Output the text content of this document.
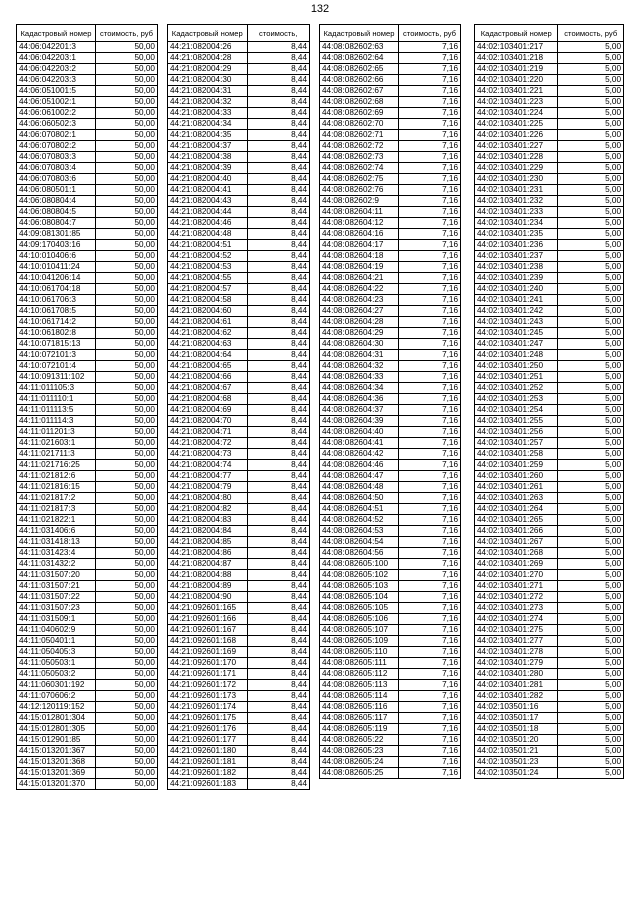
132
Кадастровый номер	стоимость, руб
44:06:042201:3	50,00
44:06:042203:1	50,00
44:06:042203:2	50,00
44:06:042203:3	50,00
44:06:051001:5	50,00
44:06:051002:1	50,00
44:06:061002:2	50,00
44:06:060502:3	50,00
44:06:070802:1	50,00
44:06:070802:2	50,00
44:06:070803:3	50,00
44:06:070803:4	50,00
44:06:070803:6	50,00
44:06:080501:1	50,00
44:06:080804:4	50,00
44:06:080804:5	50,00
44:06:080804:7	50,00
44:09:081301:85	50,00
44:09:170403:16	50,00
44:10:010406:6	50,00
44:10:010411:24	50,00
44:10:041206:14	50,00
44:10:061704:18	50,00
44:10:061706:3	50,00
44:10:061708:5	50,00
44:10:061714:2	50,00
44:10:061802:8	50,00
44:10:071815:13	50,00
44:10:072101:3	50,00
44:10:072101:4	50,00
44:10:091311:102	50,00
44:11:011105:3	50,00
44:11:011110:1	50,00
44:11:011113:5	50,00
44:11:011114:3	50,00
44:11:011201:3	50,00
44:11:021603:1	50,00
44:11:021711:3	50,00
44:11:021716:25	50,00
44:11:021812:6	50,00
44:11:021816:15	50,00
44:11:021817:2	50,00
44:11:021817:3	50,00
44:11:021822:1	50,00
44:11:031406:6	50,00
44:11:031418:13	50,00
44:11:031423:4	50,00
44:11:031432:2	50,00
44:11:031507:20	50,00
44:11:031507:21	50,00
44:11:031507:22	50,00
44:11:031507:23	50,00
44:11:031509:1	50,00
44:11:040602:9	50,00
44:11:050401:1	50,00
44:11:050405:3	50,00
44:11:050503:1	50,00
44:11:050503:2	50,00
44:11:060301:192	50,00
44:11:070606:2	50,00
44:12:120119:152	50,00
44:15:012801:304	50,00
44:15:012801:305	50,00
44:15:012901:85	50,00
44:15:013201:367	50,00
44:15:013201:368	50,00
44:15:013201:369	50,00
44:15:013201:370	50,00
Кадастровый номер	стоимость,
44:21:082004:26	8,44
44:21:082004:28	8,44
44:21:082004:29	8,44
44:21:082004:30	8,44
44:21:082004:31	8,44
44:21:082004:32	8,44
44:21:082004:33	8,44
44:21:082004:34	8,44
44:21:082004:35	8,44
44:21:082004:37	8,44
44:21:082004:38	8,44
44:21:082004:39	8,44
44:21:082004:40	8,44
44:21:082004:41	8,44
44:21:082004:43	8,44
44:21:082004:44	8,44
44:21:082004:46	8,44
44:21:082004:48	8,44
44:21:082004:51	8,44
44:21:082004:52	8,44
44:21:082004:53	8,44
44:21:082004:55	8,44
44:21:082004:57	8,44
44:21:082004:58	8,44
44:21:082004:60	8,44
44:21:082004:61	8,44
44:21:082004:62	8,44
44:21:082004:63	8,44
44:21:082004:64	8,44
44:21:082004:65	8,44
44:21:082004:66	8,44
44:21:082004:67	8,44
44:21:082004:68	8,44
44:21:082004:69	8,44
44:21:082004:70	8,44
44:21:082004:71	8,44
44:21:082004:72	8,44
44:21:082004:73	8,44
44:21:082004:74	8,44
44:21:082004:77	8,44
44:21:082004:79	8,44
44:21:082004:80	8,44
44:21:082004:82	8,44
44:21:082004:83	8,44
44:21:082004:84	8,44
44:21:082004:85	8,44
44:21:082004:86	8,44
44:21:082004:87	8,44
44:21:082004:88	8,44
44:21:082004:89	8,44
44:21:082004:90	8,44
44:21:092601:165	8,44
44:21:092601:166	8,44
44:21:092601:167	8,44
44:21:092601:168	8,44
44:21:092601:169	8,44
44:21:092601:170	8,44
44:21:092601:171	8,44
44:21:092601:172	8,44
44:21:092601:173	8,44
44:21:092601:174	8,44
44:21:092601:175	8,44
44:21:092601:176	8,44
44:21:092601:177	8,44
44:21:092601:180	8,44
44:21:092601:181	8,44
44:21:092601:182	8,44
44:21:092601:183	8,44
Кадастровый номер	стоимость, руб
44:08:082602:63	7,16
44:08:082602:64	7,16
44:08:082602:65	7,16
44:08:082602:66	7,16
44:08:082602:67	7,16
44:08:082602:68	7,16
44:08:082602:69	7,16
44:08:082602:70	7,16
44:08:082602:71	7,16
44:08:082602:72	7,16
44:08:082602:73	7,16
44:08:082602:74	7,16
44:08:082602:75	7,16
44:08:082602:76	7,16
44:08:082602:9	7,16
44:08:082604:11	7,16
44:08:082604:12	7,16
44:08:082604:16	7,16
44:08:082604:17	7,16
44:08:082604:18	7,16
44:08:082604:19	7,16
44:08:082604:21	7,16
44:08:082604:22	7,16
44:08:082604:23	7,16
44:08:082604:27	7,16
44:08:082604:28	7,16
44:08:082604:29	7,16
44:08:082604:30	7,16
44:08:082604:31	7,16
44:08:082604:32	7,16
44:08:082604:33	7,16
44:08:082604:34	7,16
44:08:082604:36	7,16
44:08:082604:37	7,16
44:08:082604:39	7,16
44:08:082604:40	7,16
44:08:082604:41	7,16
44:08:082604:42	7,16
44:08:082604:46	7,16
44:08:082604:47	7,16
44:08:082604:48	7,16
44:08:082604:50	7,16
44:08:082604:51	7,16
44:08:082604:52	7,16
44:08:082604:53	7,16
44:08:082604:54	7,16
44:08:082604:56	7,16
44:08:082605:100	7,16
44:08:082605:102	7,16
44:08:082605:103	7,16
44:08:082605:104	7,16
44:08:082605:105	7,16
44:08:082605:106	7,16
44:08:082605:107	7,16
44:08:082605:109	7,16
44:08:082605:110	7,16
44:08:082605:111	7,16
44:08:082605:112	7,16
44:08:082605:113	7,16
44:08:082605:114	7,16
44:08:082605:116	7,16
44:08:082605:117	7,16
44:08:082605:119	7,16
44:08:082605:22	7,16
44:08:082605:23	7,16
44:08:082605:24	7,16
44:08:082605:25	7,16
Кадастровый номер	стоимость, руб
44:02:103401:217	5,00
44:02:103401:218	5,00
44:02:103401:219	5,00
44:02:103401:220	5,00
44:02:103401:221	5,00
44:02:103401:223	5,00
44:02:103401:224	5,00
44:02:103401:225	5,00
44:02:103401:226	5,00
44:02:103401:227	5,00
44:02:103401:228	5,00
44:02:103401:229	5,00
44:02:103401:230	5,00
44:02:103401:231	5,00
44:02:103401:232	5,00
44:02:103401:233	5,00
44:02:103401:234	5,00
44:02:103401:235	5,00
44:02:103401:236	5,00
44:02:103401:237	5,00
44:02:103401:238	5,00
44:02:103401:239	5,00
44:02:103401:240	5,00
44:02:103401:241	5,00
44:02:103401:242	5,00
44:02:103401:243	5,00
44:02:103401:245	5,00
44:02:103401:247	5,00
44:02:103401:248	5,00
44:02:103401:250	5,00
44:02:103401:251	5,00
44:02:103401:252	5,00
44:02:103401:253	5,00
44:02:103401:254	5,00
44:02:103401:255	5,00
44:02:103401:256	5,00
44:02:103401:257	5,00
44:02:103401:258	5,00
44:02:103401:259	5,00
44:02:103401:260	5,00
44:02:103401:261	5,00
44:02:103401:263	5,00
44:02:103401:264	5,00
44:02:103401:265	5,00
44:02:103401:266	5,00
44:02:103401:267	5,00
44:02:103401:268	5,00
44:02:103401:269	5,00
44:02:103401:270	5,00
44:02:103401:271	5,00
44:02:103401:272	5,00
44:02:103401:273	5,00
44:02:103401:274	5,00
44:02:103401:275	5,00
44:02:103401:277	5,00
44:02:103401:278	5,00
44:02:103401:279	5,00
44:02:103401:280	5,00
44:02:103401:281	5,00
44:02:103401:282	5,00
44:02:103501:16	5,00
44:02:103501:17	5,00
44:02:103501:18	5,00
44:02:103501:20	5,00
44:02:103501:21	5,00
44:02:103501:23	5,00
44:02:103501:24	5,00
